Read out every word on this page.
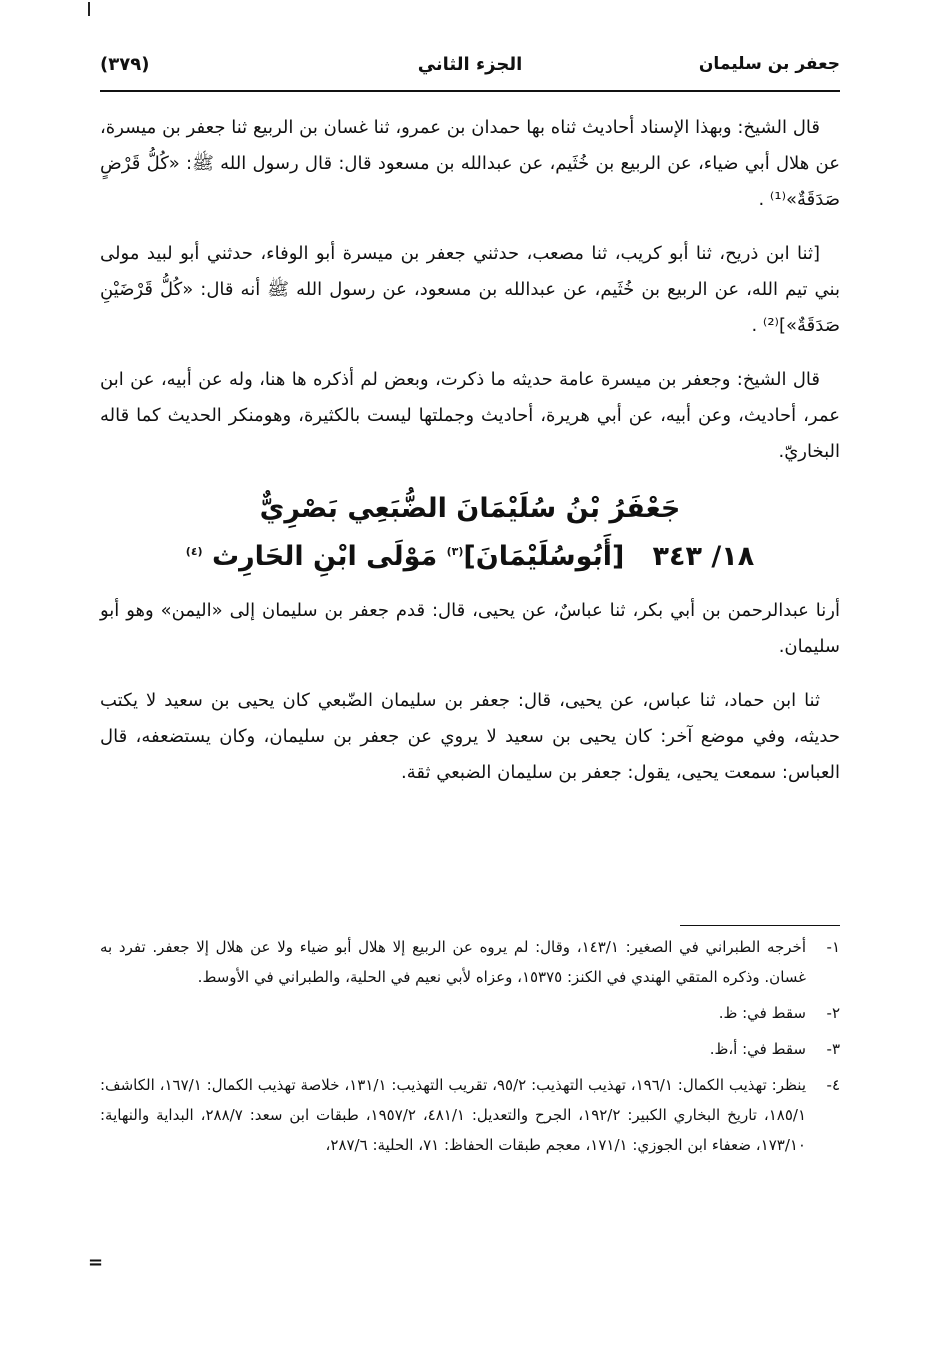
جعفر بن سليمان
الجزء الثاني
(٣٧٩)

قال الشيخ: وبهذا الإسناد أحاديث ثناه بها حمدان بن عمرو، ثنا غسان بن الربيع ثنا جعفر بن ميسرة، عن هلال أبي ضياء، عن الربيع بن خُثَيم، عن عبدالله بن مسعود قال: قال رسول الله ﷺ: «كُلُّ قَرْضٍ صَدَقَةٌ»⁽¹⁾ .

[ثنا ابن ذريح، ثنا أبو كريب، ثنا مصعب، حدثني جعفر بن ميسرة أبو الوفاء، حدثني أبو لبيد مولى بني تيم الله، عن الربيع بن خُثَيم، عن عبدالله بن مسعود، عن رسول الله ﷺ أنه قال: «كُلُّ قَرْضَيْنِ صَدَقَةٌ»]⁽²⁾ .

قال الشيخ: وجعفر بن ميسرة عامة حديثه ما ذكرت، وبعض لم أذكره ها هنا، وله عن أبيه، عن ابن عمر، أحاديث، وعن أبيه، عن أبي هريرة، أحاديث وجملتها ليست بالكثيرة، وهومنكر الحديث كما قاله البخاريّ.

جَعْفَرُ بْنُ سُلَيْمَانَ الضُّبَعِي بَصْرِيٌّ
١٨/ ٣٤٣   [أَبُوسُلَيْمَانَ]$^{(٣)}$ مَوْلَى ابْنِ الحَارِث $^{(٤)}$

أرنا عبدالرحمن بن أبي بكر، ثنا عباسٌ، عن يحيى، قال: قدم جعفر بن سليمان إلى «اليمن» وهو أبو سليمان.

ثنا ابن حماد، ثنا عباس، عن يحيى، قال: جعفر بن سليمان الضّبعي كان يحيى بن سعيد لا يكتب حديثه، وفي موضع آخر: كان يحيى بن سعيد لا يروي عن جعفر بن سليمان، وكان يستضعفه، قال العباس: سمعت يحيى، يقول: جعفر بن سليمان الضبعي ثقة.

١-
أخرجه الطبراني في الصغير: ١٤٣/١، وقال: لم يروه عن الربيع إلا هلال أبو ضياء ولا عن هلال إلا جعفر. تفرد به غسان. وذكره المتقي الهندي في الكنز: ١٥٣٧٥، وعزاه لأبي نعيم في الحلية، والطبراني في الأوسط.
٢-
سقط في: ظ.
٣-
سقط في: أ،ظ.
٤-
ينظر: تهذيب الكمال: ١٩٦/١، تهذيب التهذيب: ٩٥/٢، تقريب التهذيب: ١٣١/١، خلاصة تهذيب الكمال: ١٦٧/١، الكاشف: ١٨٥/١، تاريخ البخاري الكبير: ١٩٢/٢، الجرح والتعديل: ٤٨١/١، ١٩٥٧/٢، طبقات ابن سعد: ٢٨٨/٧، البداية والنهاية: ١٧٣/١٠، ضعفاء ابن الجوزي: ١٧١/١، معجم طبقات الحفاظ: ٧١، الحلية: ٢٨٧/٦،
=
